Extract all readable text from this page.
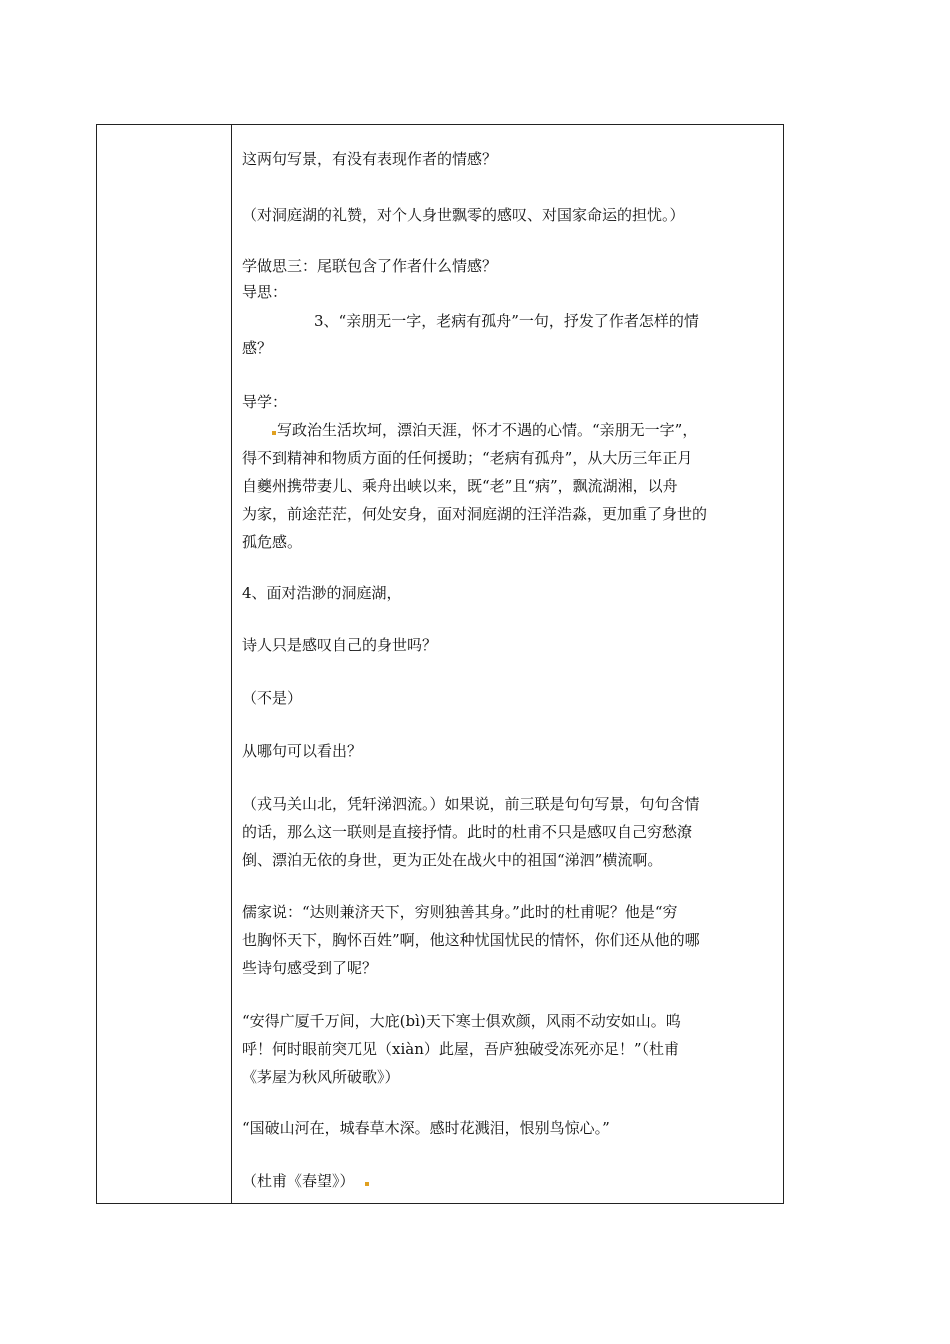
这两句写景，有没有表现作者的情感？
（对洞庭湖的礼赞，对个人身世飘零的感叹、对国家命运的担忧。）
学做思三：尾联包含了作者什么情感？
导思：
3、“亲朋无一字，老病有孤舟”一句，抒发了作者怎样的情
感？
导学：
写政治生活坎坷，漂泊天涯，怀才不遇的心情。“亲朋无一字”，
得不到精神和物质方面的任何援助；“老病有孤舟”，从大历三年正月
自夔州携带妻儿、乘舟出峡以来，既“老”且“病”，飘流湖湘，以舟
为家，前途茫茫，何处安身，面对洞庭湖的汪洋浩淼，更加重了身世的
孤危感。
4、面对浩渺的洞庭湖，
诗人只是感叹自己的身世吗？
（不是）
从哪句可以看出？
（戎马关山北，凭轩涕泗流。）如果说，前三联是句句写景，句句含情
的话，那么这一联则是直接抒情。此时的杜甫不只是感叹自己穷愁潦
倒、漂泊无依的身世，更为正处在战火中的祖国“涕泗”横流啊。
儒家说：“达则兼济天下，穷则独善其身。”此时的杜甫呢？他是“穷
也胸怀天下，胸怀百姓”啊，他这种忧国忧民的情怀，你们还从他的哪
些诗句感受到了呢？
“安得广厦千万间，大庇(bì)天下寒士俱欢颜，风雨不动安如山。呜
呼！何时眼前突兀见（xiàn）此屋，吾庐独破受冻死亦足！”（杜甫
《茅屋为秋风所破歌》）
“国破山河在，城春草木深。感时花溅泪，恨别鸟惊心。”
（杜甫《春望》）
